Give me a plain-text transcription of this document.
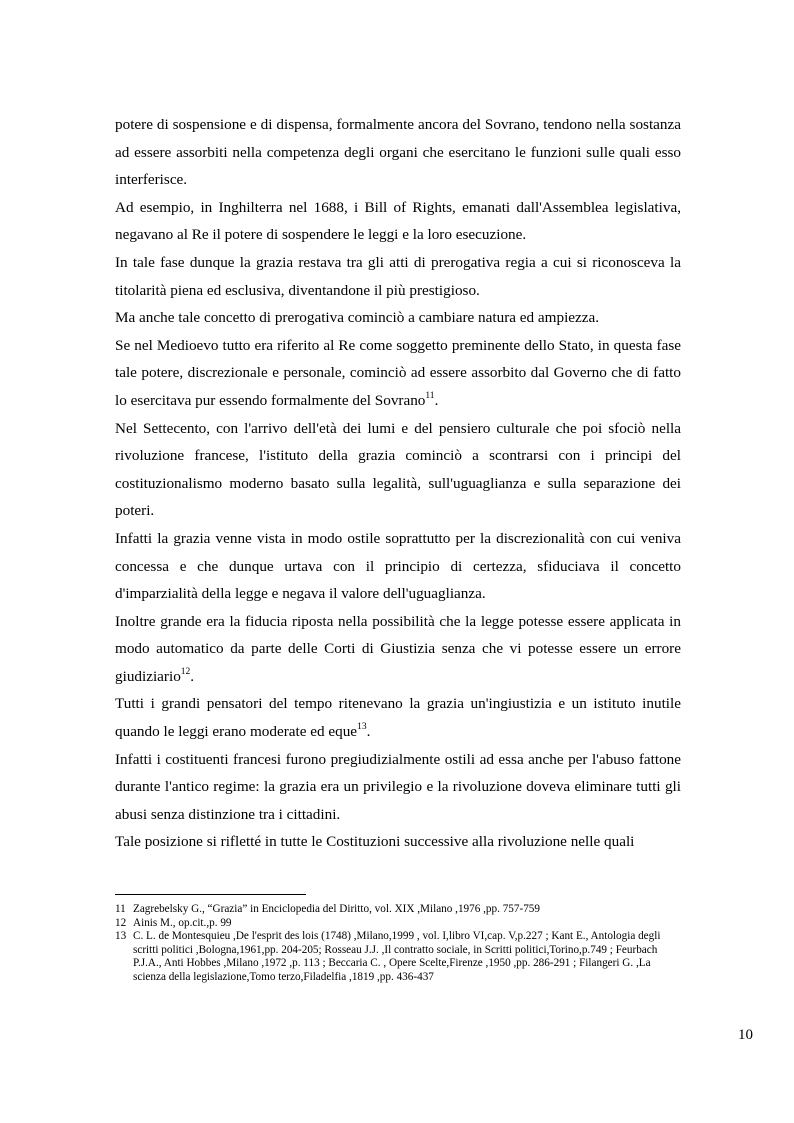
potere di sospensione e di dispensa, formalmente ancora del Sovrano, tendono nella sostanza ad essere assorbiti nella competenza degli organi che esercitano le funzioni sulle quali esso interferisce.

Ad esempio, in Inghilterra nel 1688, i Bill of Rights, emanati dall'Assemblea legislativa, negavano al Re il potere di sospendere le leggi e la loro esecuzione.

In tale fase dunque la grazia restava tra gli atti di prerogativa regia a cui si riconosceva la titolarità piena ed esclusiva, diventandone il più prestigioso.

Ma anche tale concetto di prerogativa cominciò a cambiare natura ed ampiezza.

Se nel Medioevo tutto era riferito al Re come soggetto preminente dello Stato, in questa fase tale potere, discrezionale e personale, cominciò ad essere assorbito dal Governo che di fatto lo esercitava pur essendo formalmente del Sovrano$^{11}$.

Nel Settecento, con l'arrivo dell'età dei lumi e del pensiero culturale che poi sfociò nella rivoluzione francese, l'istituto della grazia cominciò a scontrarsi con i principi del costituzionalismo moderno basato sulla legalità, sull'uguaglianza e sulla separazione dei poteri.

Infatti la grazia venne vista in modo ostile soprattutto per la discrezionalità con cui veniva concessa e che dunque urtava con il principio di certezza, sfiduciava il concetto d'imparzialità della legge e negava il valore dell'uguaglianza.

Inoltre grande era la fiducia riposta nella possibilità che la legge potesse essere applicata in modo automatico da parte delle Corti di Giustizia senza che vi potesse essere un errore giudiziario$^{12}$.

Tutti i grandi pensatori del tempo ritenevano la grazia un'ingiustizia e un istituto inutile quando le leggi erano moderate ed eque$^{13}$.

Infatti i costituenti francesi furono pregiudizialmente ostili ad essa anche per l'abuso fattone durante l'antico regime: la grazia era un privilegio e la rivoluzione doveva eliminare tutti gli abusi senza distinzione tra i cittadini.

Tale posizione si rifletté in tutte le Costituzioni successive alla rivoluzione nelle quali

11 Zagrebelsky G., “Grazia” in Enciclopedia del Diritto, vol. XIX ,Milano ,1976 ,pp. 757-759
12 Ainis M., op.cit.,p. 99
13 C. L. de Montesquieu ,De l'esprit des lois (1748) ,Milano,1999 , vol. I,libro VI,cap. V,p.227 ; Kant E., Antologia degli scritti politici ,Bologna,1961,pp. 204-205; Rosseau J.J. ,Il contratto sociale, in Scritti politici,Torino,p.749 ; Feurbach P.J.A., Anti Hobbes ,Milano ,1972 ,p. 113 ; Beccaria C. , Opere Scelte,Firenze ,1950 ,pp. 286-291 ; Filangeri G. ,La scienza della legislazione,Tomo terzo,Filadelfia ,1819 ,pp. 436-437
10
